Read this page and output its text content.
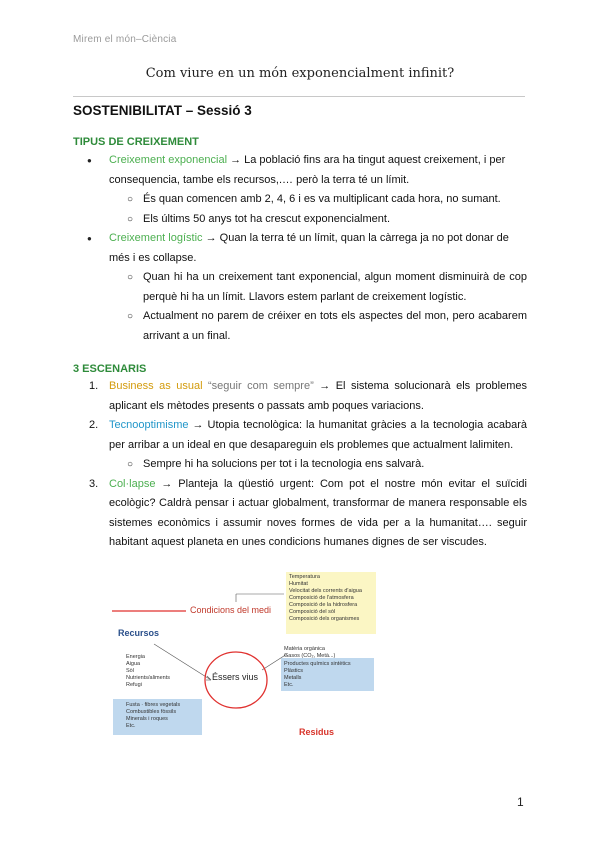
Mirem el món–Ciència
Com viure en un món exponencialment infinit?
SOSTENIBILITAT – Sessió 3
TIPUS DE CREIXEMENT

● Creixement exponencial → La població fins ara ha tingut aquest creixement, i per consequencia, tambe els recursos,.… però la terra té un límit.

○ És quan comencen amb 2, 4, 6 i es va multiplicant cada hora, no sumant.

○ Els últims 50 anys tot ha crescut exponencialment.

● Creixement logístic → Quan la terra té un límit, quan la càrrega ja no pot donar de més i es collapse.

○ Quan hi ha un creixement tant exponencial, algun moment disminuirà de cop perquè hi ha un límit. Llavors estem parlant de creixement logístic.

○ Actualment no parem de créixer en tots els aspectes del mon, pero acabarem arrivant a un final.

3 ESCENARIS

1. Business as usual “seguir com sempre” → El sistema solucionarà els problemes aplicant els mètodes presents o passats amb poques variacions.

2. Tecnooptimisme → Utopia tecnològica: la humanitat gràcies a la tecnologia acabarà per arribar a un ideal en que desapareguin els problemes que actualment lalimiten.

○ Sempre hi ha solucions per tot i la tecnologia ens salvarà.

3. Col·lapse → Planteja la qüestió urgent: Com pot el nostre món evitar el suïcidi ecològic? Caldrà pensar i actuar globalment, transformar de manera responsable els sistemes econòmics i assumir noves formes de vida per a la humanitat…. seguir habitant aquest planeta en unes condicions humanes dignes de ser viscudes.

Condicions del medi
Temperatura
Humitat
Velocitat dels corrents d'aigua
Composició de l'atmosfera
Composició de la hidrosfera
Composició del sòl
Composició dels organismes
Recursos
Energia
Aigua
Sòl
Nutrients/aliments
Refugi
Fusta · fibres vegetals
Combustibles fòssils
Minerals i roques
Etc.
Éssers vius
Matèria orgànica
Gasos (CO₂, Metà...)
Productes químics sintètics
Plàstics
Metalls
Etc.
Residus
1
